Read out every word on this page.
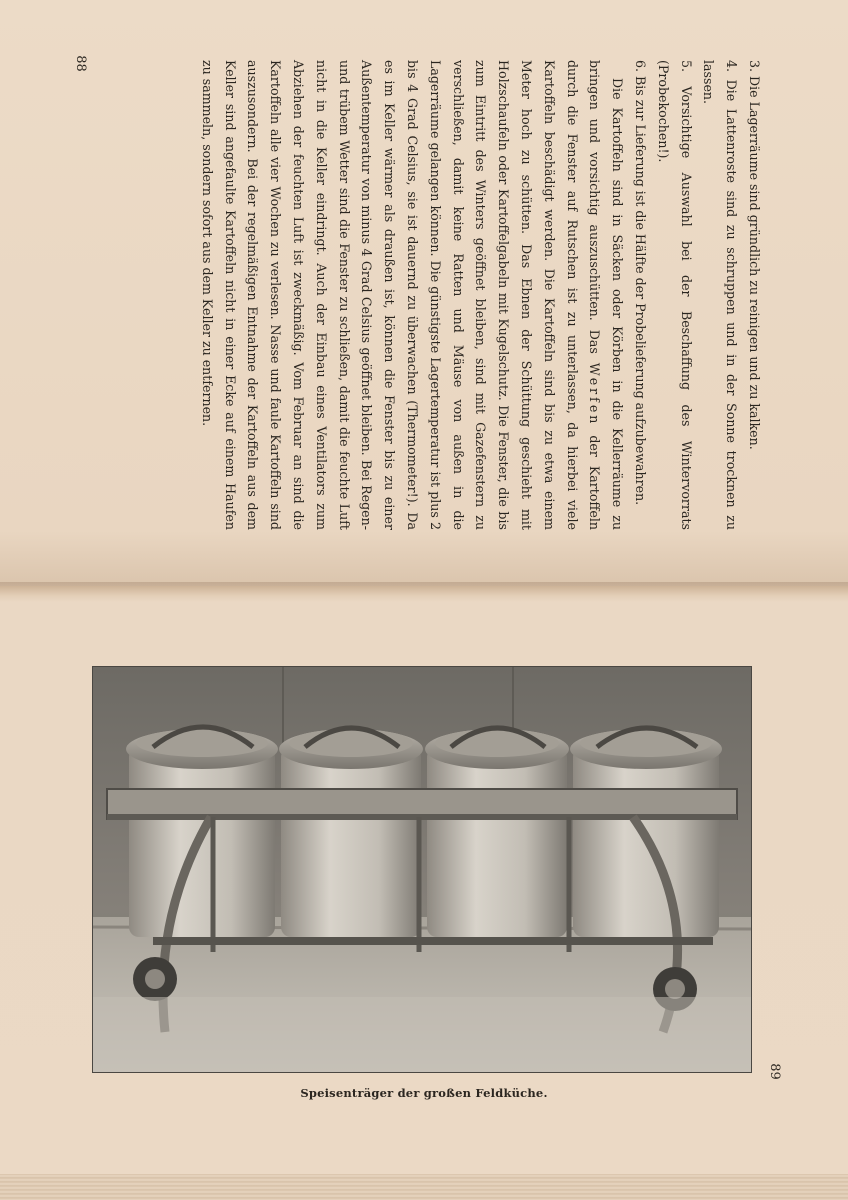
88	3. Die Lagerräume sind gründlich zu reinigen und zu kalken.
4. Die Lattenroste sind zu schruppen und in der Sonne trocknen zu lassen.
5. Vorsichtige Auswahl bei der Beschaffung des Wintervorrats (Probekochen!).
6. Bis zur Lieferung ist die Hälfte der Probelieferung aufzubewahren.

Die Kartoffeln sind in Säcken oder Körben in die Kellerräume zu bringen und vorsichtig auszuschütten. Das Werfen der Kartoffeln durch die Fenster auf Rutschen ist zu unterlassen, da hierbei viele Kartoffeln beschädigt werden. Die Kartoffeln sind bis zu etwa einem Meter hoch zu schütten. Das Ebnen der Schüttung geschieht mit Holzschaufeln oder Kartoffelgabeln mit Kugelschutz. Die Fenster, die bis zum Eintritt des Winters geöffnet bleiben, sind mit Gazefenstern zu verschließen, damit keine Ratten und Mäuse von außen in die Lagerräume gelangen können. Die günstigste Lagertemperatur ist plus 2 bis 4 Grad Celsius, sie ist dauernd zu überwachen (Thermometer!). Da es im Keller wärmer als draußen ist, können die Fenster bis zu einer Außentemperatur von minus 4 Grad Celsius geöffnet bleiben. Bei Regen- und trübem Wetter sind die Fenster zu schließen, damit die feuchte Luft nicht in die Keller eindringt. Auch der Einbau eines Ventilators zum Abziehen der feuchten Luft ist zweckmäßig. Vom Februar an sind die Kartoffeln alle vier Wochen zu verlesen. Nasse und faule Kartoffeln sind auszusondern. Bei der regelmäßigen Entnahme der Kartoffeln aus dem Keller sind angefaulte Kartoffeln nicht in einer Ecke auf einem Haufen zu sammeln, sondern sofort aus dem Keller zu entfernen.

89
Speisenträger der großen Feldküche.
